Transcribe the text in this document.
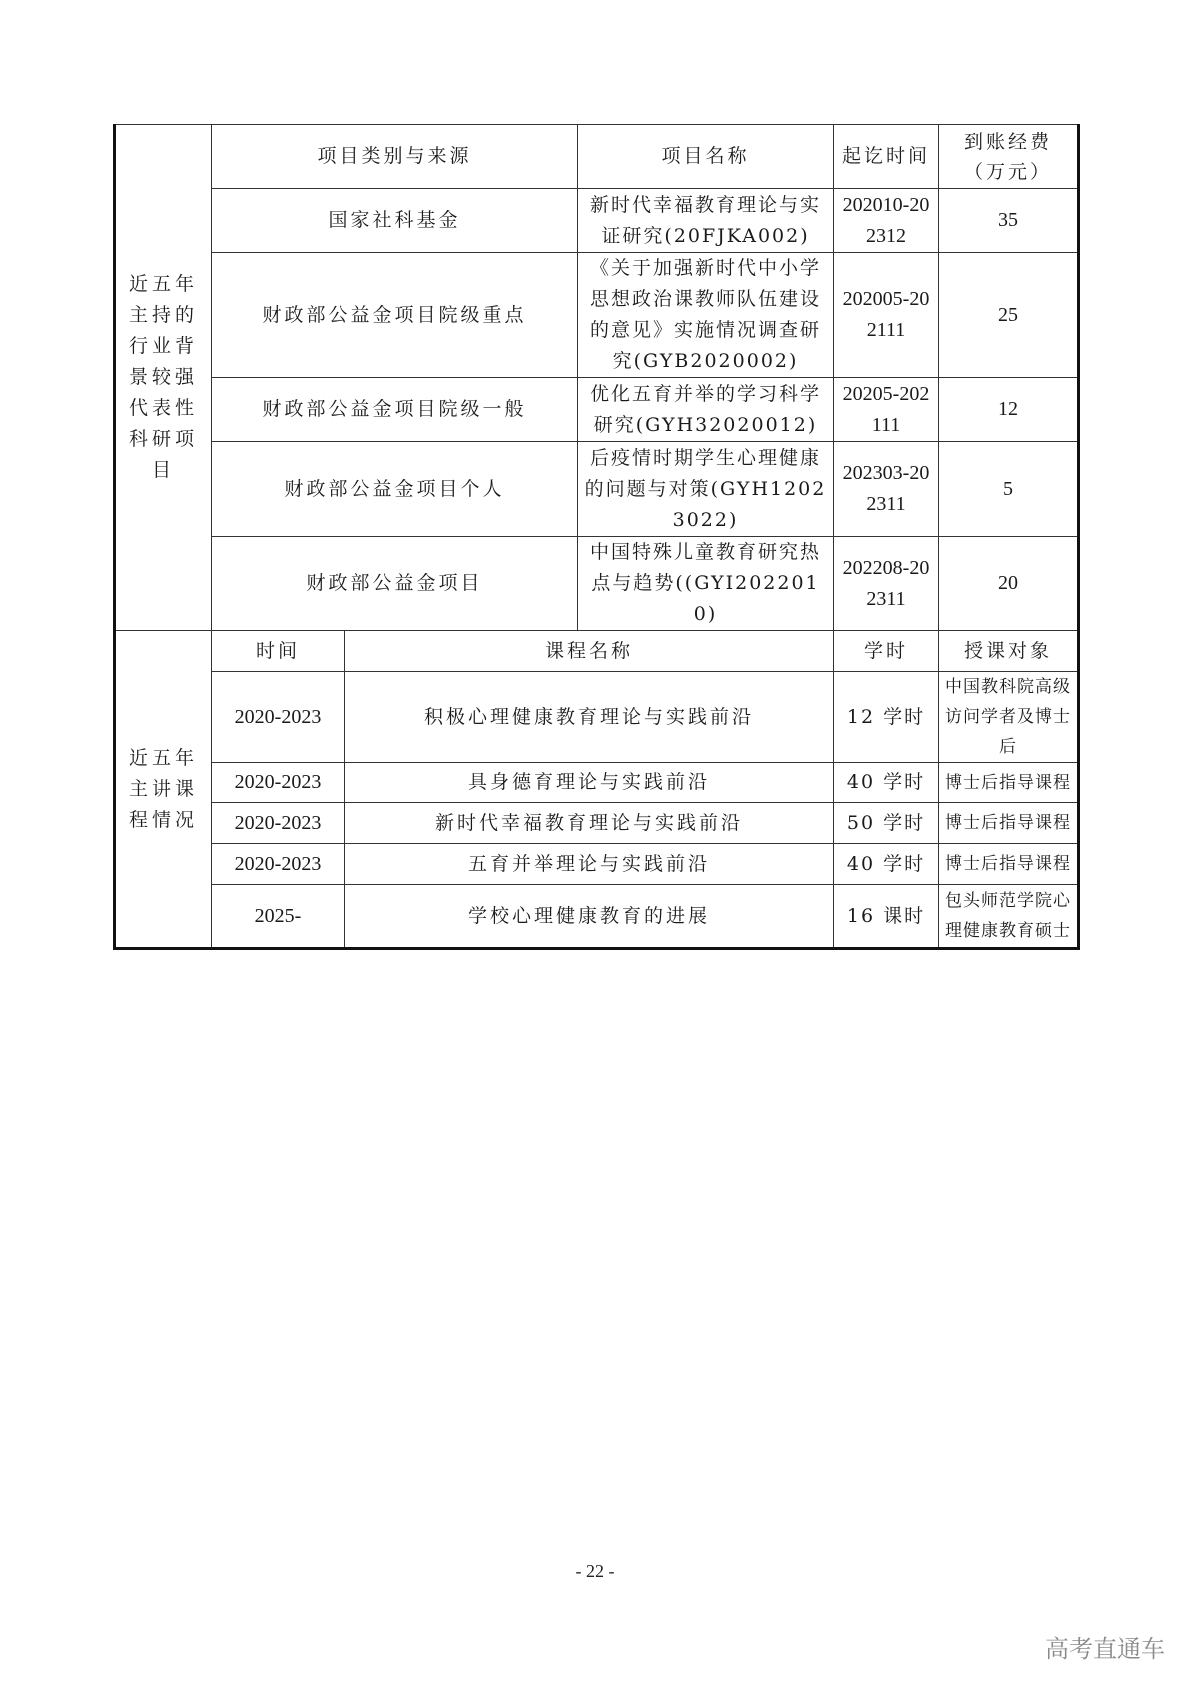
近五年主持的行业背景较强代表性科研项目	项目类别与来源		项目名称	起讫时间	到账经费
（万元）

	国家社科基金		新时代幸福教育理论与实证研究(20FJKA002)	202010-202312	35
	财政部公益金项目院级重点		《关于加强新时代中小学思想政治课教师队伍建设的意见》实施情况调查研究(GYB2020002)	202005-202111	25
	财政部公益金项目院级一般		优化五育并举的学习科学研究(GYH32020012)	20205-202111	12
	财政部公益金项目个人		后疫情时期学生心理健康的问题与对策(GYH12023022)	202303-202311	5
	财政部公益金项目		中国特殊儿童教育研究热点与趋势((GYI2022010)	202208-202311	20
近五年主讲课程情况	时间	课程名称		学时	授课对象
	2020-2023	积极心理健康教育理论与实践前沿		12 学时	中国教科院高级访问学者及博士后
	2020-2023	具身德育理论与实践前沿		40 学时	博士后指导课程
	2020-2023	新时代幸福教育理论与实践前沿		50 学时	博士后指导课程
	2020-2023	五育并举理论与实践前沿		40 学时	博士后指导课程
	2025-	学校心理健康教育的进展		16 课时	包头师范学院心理健康教育硕士
- 22 -
高考直通车
